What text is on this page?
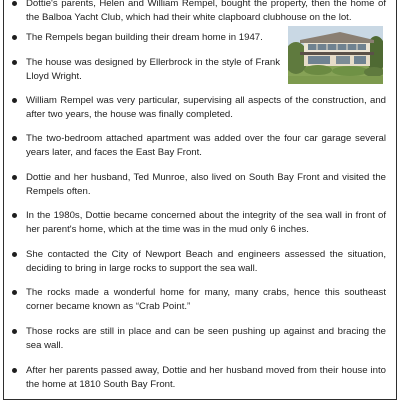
Dottie's parents, Helen and William Rempel, bought the property, then the home of the Balboa Yacht Club, which had their white clapboard clubhouse on the lot.
The Rempels began building their dream home in 1947.
The house was designed by Ellerbrock in the style of Frank Lloyd Wright.
William Rempel was very particular, supervising all aspects of the construction, and after two years, the house was finally completed.
The two-bedroom attached apartment was added over the four car garage several years later, and faces the East Bay Front.
Dottie and her husband, Ted Munroe, also lived on South Bay Front and visited the Rempels often.
In the 1980s, Dottie became concerned about the integrity of the sea wall in front of her parent's home, which at the time was in the mud only 6 inches.
She contacted the City of Newport Beach and engineers assessed the situation, deciding to bring in large rocks to support the sea wall.
The rocks made a wonderful home for many, many crabs, hence this southeast corner became known as “Crab Point.”
Those rocks are still in place and can be seen pushing up against and bracing the sea wall.
After her parents passed away, Dottie and her husband moved from their house into the home at 1810 South Bay Front.
